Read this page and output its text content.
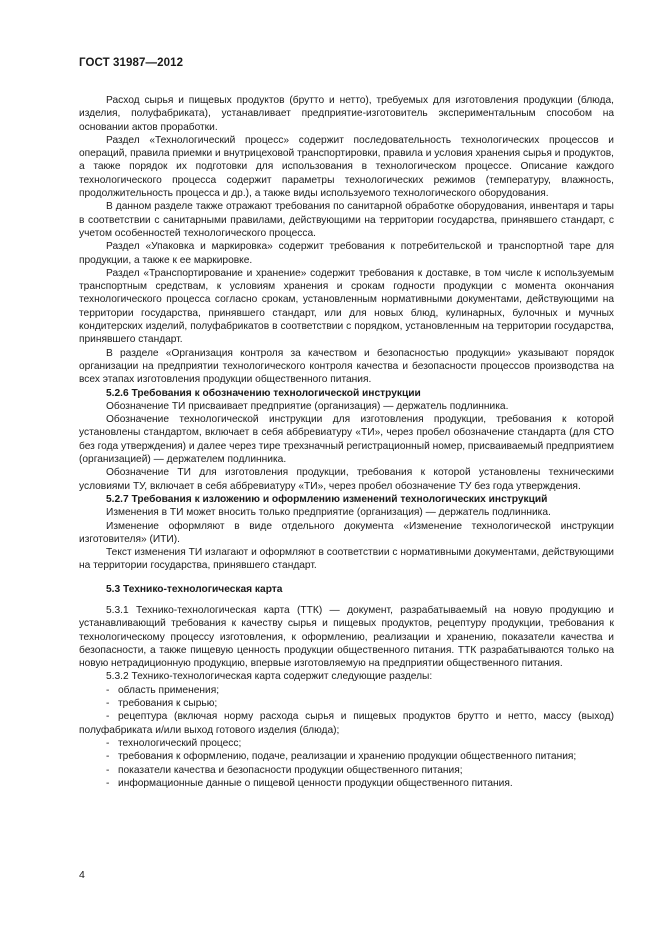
ГОСТ 31987—2012

Расход сырья и пищевых продуктов (брутто и нетто), требуемых для изготовления продукции (блюда, изделия, полуфабриката), устанавливает предприятие-изготовитель экспериментальным способом на основании актов проработки.

Раздел «Технологический процесс» содержит последовательность технологических процессов и операций, правила приемки и внутрицеховой транспортировки, правила и условия хранения сырья и продуктов, а также порядок их подготовки для использования в технологическом процессе. Описание каждого технологического процесса содержит параметры технологических режимов (температуру, влажность, продолжительность процесса и др.), а также виды используемого технологического оборудования.

В данном разделе также отражают требования по санитарной обработке оборудования, инвентаря и тары в соответствии с санитарными правилами, действующими на территории государства, принявшего стандарт, с учетом особенностей технологического процесса.

Раздел «Упаковка и маркировка» содержит требования к потребительской и транспортной таре для продукции, а также к ее маркировке.

Раздел «Транспортирование и хранение» содержит требования к доставке, в том числе к используемым транспортным средствам, к условиям хранения и срокам годности продукции с момента окончания технологического процесса согласно срокам, установленным нормативными документами, действующими на территории государства, принявшего стандарт, или для новых блюд, кулинарных, булочных и мучных кондитерских изделий, полуфабрикатов в соответствии с порядком, установленным на территории государства, принявшего стандарт.

В разделе «Организация контроля за качеством и безопасностью продукции» указывают порядок организации на предприятии технологического контроля качества и безопасности процессов производства на всех этапах изготовления продукции общественного питания.

5.2.6 Требования к обозначению технологической инструкции

Обозначение ТИ присваивает предприятие (организация) — держатель подлинника.

Обозначение технологической инструкции для изготовления продукции, требования к которой установлены стандартом, включает в себя аббревиатуру «ТИ», через пробел обозначение стандарта (для СТО без года утверждения) и далее через тире трехзначный регистрационный номер, присваиваемый предприятием (организацией) — держателем подлинника.

Обозначение ТИ для изготовления продукции, требования к которой установлены техническими условиями ТУ, включает в себя аббревиатуру «ТИ», через пробел обозначение ТУ без года утверждения.

5.2.7 Требования к изложению и оформлению изменений технологических инструкций

Изменения в ТИ может вносить только предприятие (организация) — держатель подлинника.

Изменение оформляют в виде отдельного документа «Изменение технологической инструкции изготовителя» (ИТИ).

Текст изменения ТИ излагают и оформляют в соответствии с нормативными документами, действующими на территории государства, принявшего стандарт.

5.3 Технико-технологическая карта

5.3.1 Технико-технологическая карта (ТТК) — документ, разрабатываемый на новую продукцию и устанавливающий требования к качеству сырья и пищевых продуктов, рецептуру продукции, требования к технологическому процессу изготовления, к оформлению, реализации и хранению, показатели качества и безопасности, а также пищевую ценность продукции общественного питания. ТТК разрабатываются только на новую нетрадиционную продукцию, впервые изготовляемую на предприятии общественного питания.

5.3.2 Технико-технологическая карта содержит следующие разделы:

- область применения;

- требования к сырью;

- рецептура (включая норму расхода сырья и пищевых продуктов брутто и нетто, массу (выход) полуфабриката и/или выход готового изделия (блюда);

- технологический процесс;

- требования к оформлению, подаче, реализации и хранению продукции общественного питания;

- показатели качества и безопасности продукции общественного питания;

- информационные данные о пищевой ценности продукции общественного питания.

4
